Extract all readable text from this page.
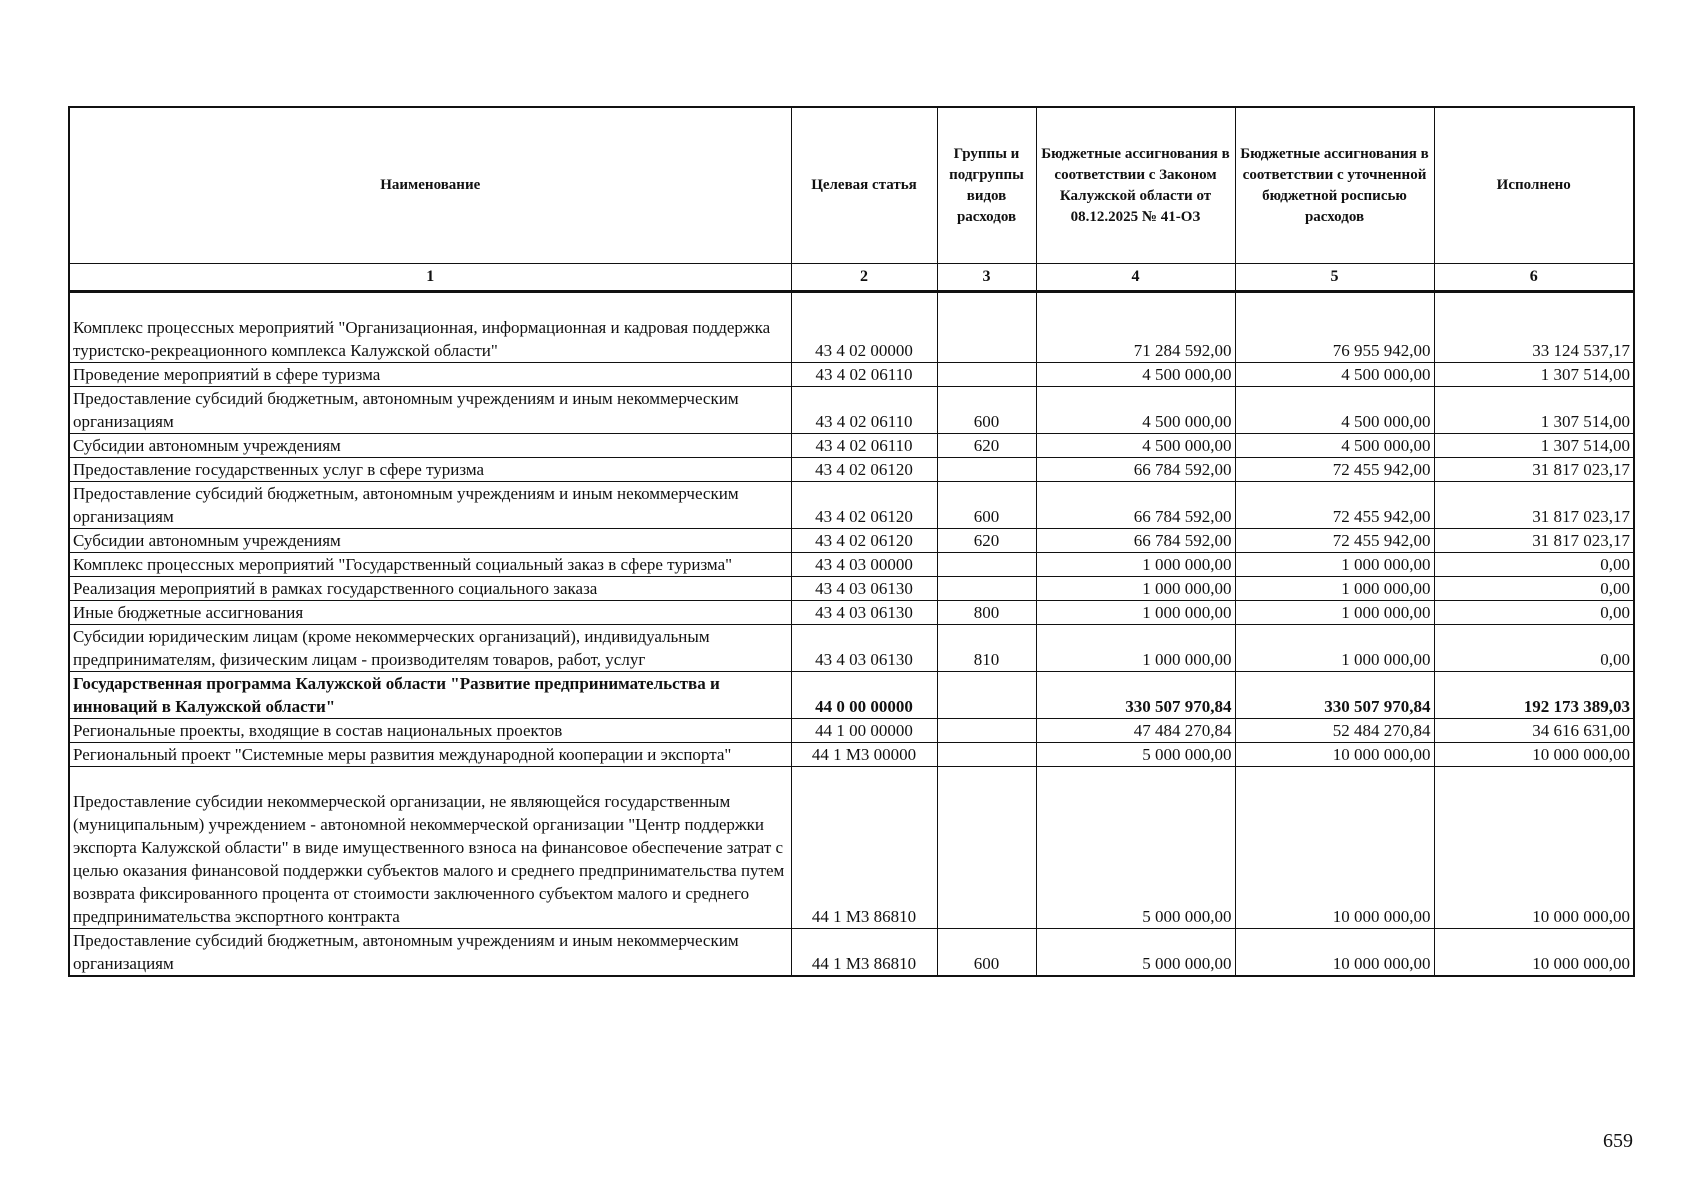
Наименование	Целевая статья	Группы и подгруппы видов расходов	Бюджетные ассигнования в соответствии с Законом Калужской области от 08.12.2025 № 41-ОЗ	Бюджетные ассигнования в соответствии с уточненной бюджетной росписью расходов	Исполнено
1	2	3	4	5	6
Комплекс процессных мероприятий "Организационная, информационная и кадровая поддержка туристско-рекреационного комплекса Калужской области"	43 4 02 00000		71 284 592,00	76 955 942,00	33 124 537,17
Проведение мероприятий в сфере туризма	43 4 02 06110		4 500 000,00	4 500 000,00	1 307 514,00
Предоставление субсидий бюджетным, автономным учреждениям и иным некоммерческим организациям	43 4 02 06110	600	4 500 000,00	4 500 000,00	1 307 514,00
Субсидии автономным учреждениям	43 4 02 06110	620	4 500 000,00	4 500 000,00	1 307 514,00
Предоставление государственных услуг в сфере туризма	43 4 02 06120		66 784 592,00	72 455 942,00	31 817 023,17
Предоставление субсидий бюджетным, автономным учреждениям и иным некоммерческим организациям	43 4 02 06120	600	66 784 592,00	72 455 942,00	31 817 023,17
Субсидии автономным учреждениям	43 4 02 06120	620	66 784 592,00	72 455 942,00	31 817 023,17
Комплекс процессных мероприятий "Государственный социальный заказ в сфере туризма"	43 4 03 00000		1 000 000,00	1 000 000,00	0,00
Реализация мероприятий в рамках государственного социального заказа	43 4 03 06130		1 000 000,00	1 000 000,00	0,00
Иные бюджетные ассигнования	43 4 03 06130	800	1 000 000,00	1 000 000,00	0,00
Субсидии юридическим лицам (кроме некоммерческих организаций), индивидуальным предпринимателям, физическим лицам - производителям товаров, работ, услуг	43 4 03 06130	810	1 000 000,00	1 000 000,00	0,00
Государственная программа Калужской области "Развитие предпринимательства и инноваций в Калужской области"	44 0 00 00000		330 507 970,84	330 507 970,84	192 173 389,03
Региональные проекты, входящие в состав национальных проектов	44 1 00 00000		47 484 270,84	52 484 270,84	34 616 631,00
Региональный проект "Системные меры развития международной кооперации и экспорта"	44 1 M3 00000		5 000 000,00	10 000 000,00	10 000 000,00
Предоставление субсидии некоммерческой организации, не являющейся государственным (муниципальным) учреждением - автономной некоммерческой организации "Центр поддержки экспорта Калужской области" в виде имущественного взноса на финансовое обеспечение затрат с целью оказания финансовой поддержки субъектов малого и среднего предпринимательства путем возврата фиксированного процента от стоимости заключенного субъектом малого и среднего предпринимательства экспортного контракта	44 1 M3 86810		5 000 000,00	10 000 000,00	10 000 000,00
Предоставление субсидий бюджетным, автономным учреждениям и иным некоммерческим организациям	44 1 M3 86810	600	5 000 000,00	10 000 000,00	10 000 000,00
659
